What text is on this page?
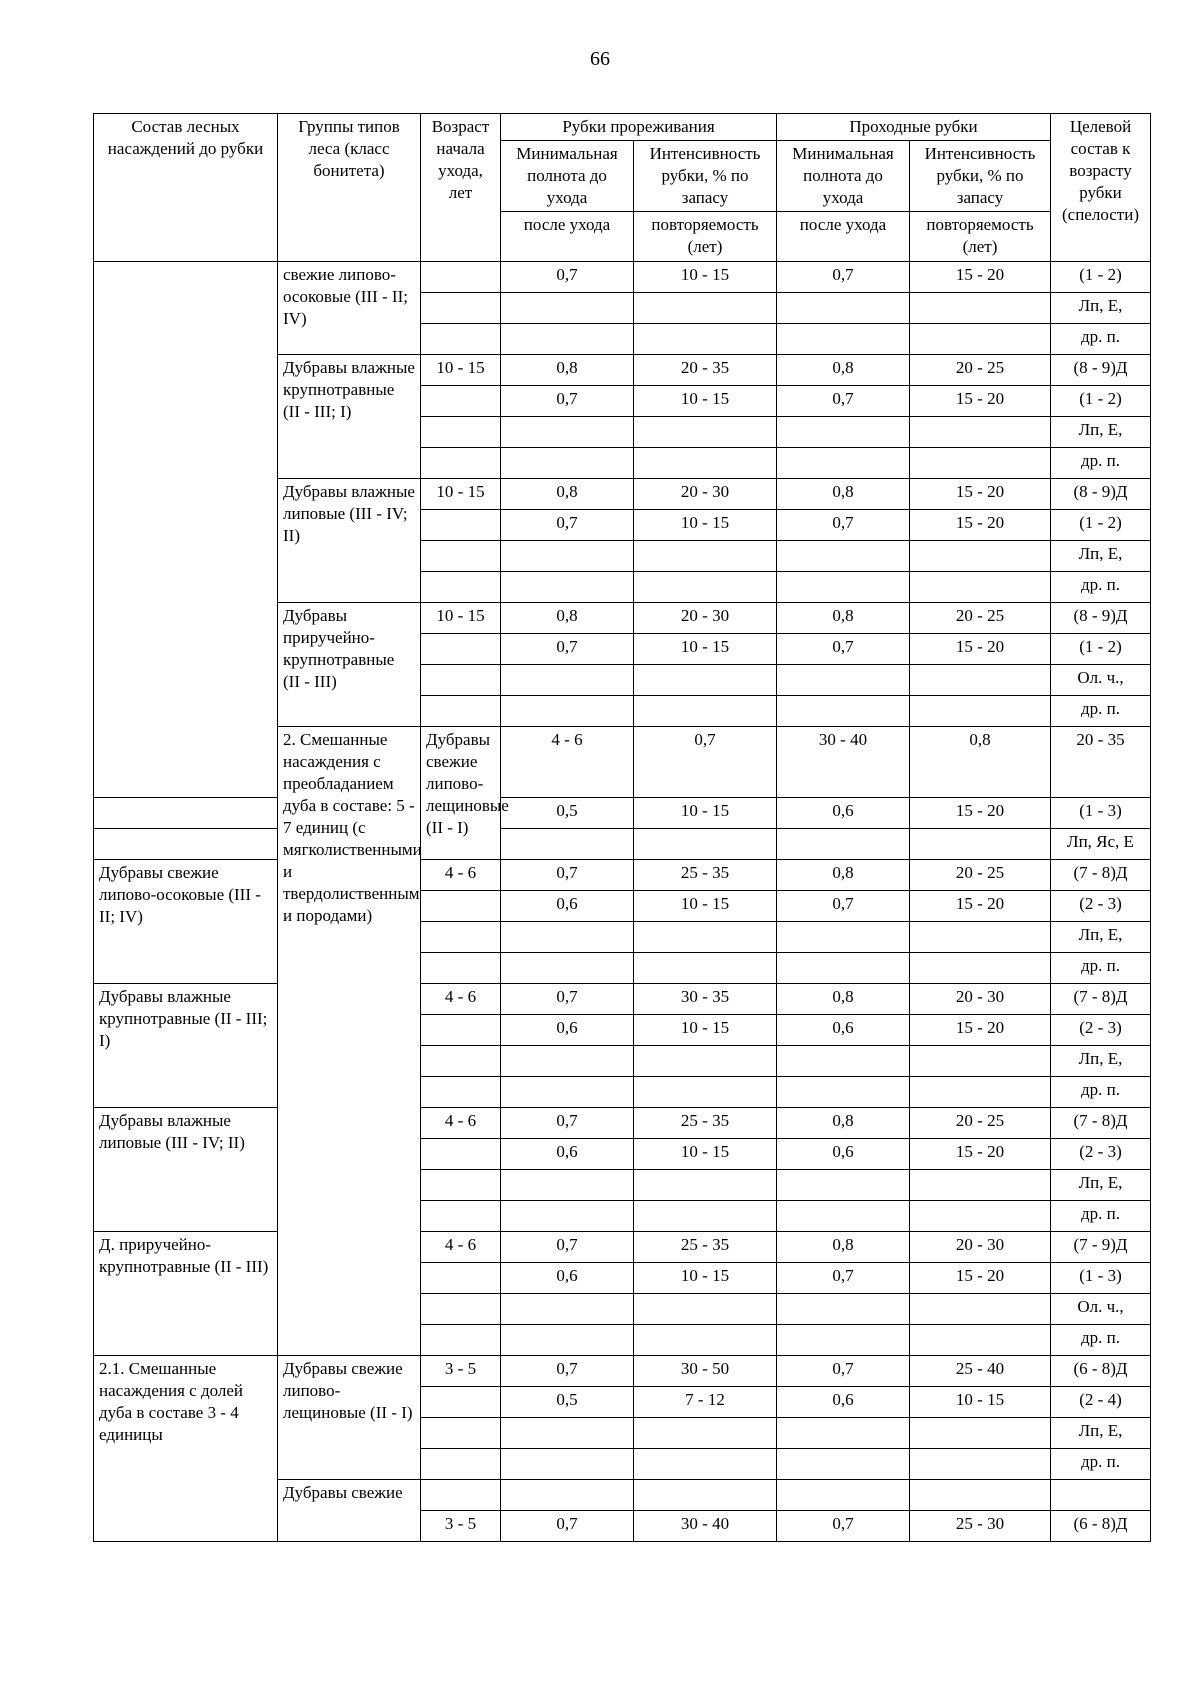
66
Состав лесных насаждений до рубки	Группы типов леса (класс бонитета)	Возраст начала ухода, лет	Рубки прореживания		Проходные рубки		Целевой состав к возрасту рубки (спелости)	
			Минимальная полнота до ухода	Интенсивность рубки, % по запасу	Минимальная полнота до ухода	Интенсивность рубки, % по запасу		
			после ухода	повторяемость (лет)	после ухода	повторяемость (лет)		
	свежие липово-осоковые (III - II; IV)		0,7	10 - 15	0,7	15 - 20	(1 - 2)	
							Лп, Е,	
							др. п.	
	Дубравы влажные крупнотравные (II - III; I)	10 - 15	0,8	20 - 35	0,8	20 - 25	(8 - 9)Д	
			0,7	10 - 15	0,7	15 - 20	(1 - 2)	
							Лп, Е,	
							др. п.	
	Дубравы влажные липовые (III - IV; II)	10 - 15	0,8	20 - 30	0,8	15 - 20	(8 - 9)Д	
			0,7	10 - 15	0,7	15 - 20	(1 - 2)	
							Лп, Е,	
							др. п.	
	Дубравы приручейно-крупнотравные (II - III)	10 - 15	0,8	20 - 30	0,8	20 - 25	(8 - 9)Д	
			0,7	10 - 15	0,7	15 - 20	(1 - 2)	
							Ол. ч.,	
							др. п.	
	2. Смешанные насаждения с преобладанием дуба в составе: 5 - 7 единиц (с мягколиственными и твердолиственным и породами)	Дубравы свежие липово-лещиновые (II - I)	4 - 6	0,7	30 - 40	0,8	20 - 35	
			0,5	10 - 15	0,6	15 - 20	(1 - 3)	
							Лп, Яс, Е	
Дубравы свежие липово-осоковые (III - II; IV)		4 - 6	0,7	25 - 35	0,8	20 - 25	(7 - 8)Д	
			0,6	10 - 15	0,7	15 - 20	(2 - 3)	
							Лп, Е,	
							др. п.	
Дубравы влажные крупнотравные (II - III; I)		4 - 6	0,7	30 - 35	0,8	20 - 30	(7 - 8)Д	
			0,6	10 - 15	0,6	15 - 20	(2 - 3)	
							Лп, Е,	
							др. п.	
Дубравы влажные липовые (III - IV; II)		4 - 6	0,7	25 - 35	0,8	20 - 25	(7 - 8)Д	
			0,6	10 - 15	0,6	15 - 20	(2 - 3)	
							Лп, Е,	
							др. п.	
Д. приручейно-крупнотравные (II - III)		4 - 6	0,7	25 - 35	0,8	20 - 30	(7 - 9)Д	
			0,6	10 - 15	0,7	15 - 20	(1 - 3)	
							Ол. ч.,	
							др. п.	
2.1. Смешанные насаждения с долей дуба в составе 3 - 4 единицы	Дубравы свежие липово-лещиновые (II - I)	3 - 5	0,7	30 - 50	0,7	25 - 40	(6 - 8)Д	
			0,5	7 - 12	0,6	10 - 15	(2 - 4)	
							Лп, Е,	
							др. п.	
	Дубравы свежие							
		3 - 5	0,7	30 - 40	0,7	25 - 30	(6 - 8)Д	
